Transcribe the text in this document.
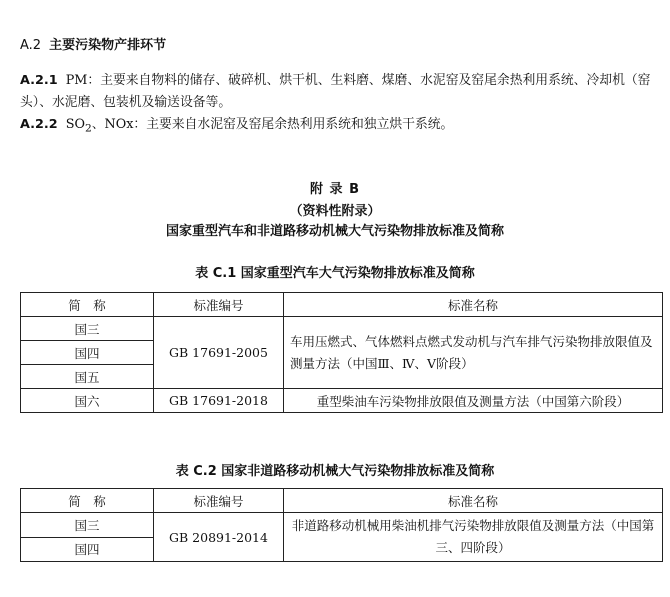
A.2 主要污染物产排环节
A.2.1 PM：主要来自物料的储存、破碎机、烘干机、生料磨、煤磨、水泥窑及窑尾余热利用系统、冷却机（窑头）、水泥磨、包装机及输送设备等。
A.2.2 $SO_2$、NOx：主要来自水泥窑及窑尾余热利用系统和独立烘干系统。
附 录 B
（资料性附录）
国家重型汽车和非道路移动机械大气污染物排放标准及简称
表 C.1 国家重型汽车大气污染物排放标准及简称
简　称	标准编号	标准名称
国三	GB 17691-2005	车用压燃式、气体燃料点燃式发动机与汽车排气污染物排放限值及测量方法（中国Ⅲ、Ⅳ、Ⅴ阶段）
国四		
国五		
国六	GB 17691-2018	重型柴油车污染物排放限值及测量方法（中国第六阶段）
表 C.2 国家非道路移动机械大气污染物排放标准及简称
简　称	标准编号	标准名称
国三	GB 20891-2014	非道路移动机械用柴油机排气污染物排放限值及测量方法（中国第三、四阶段）
国四		
